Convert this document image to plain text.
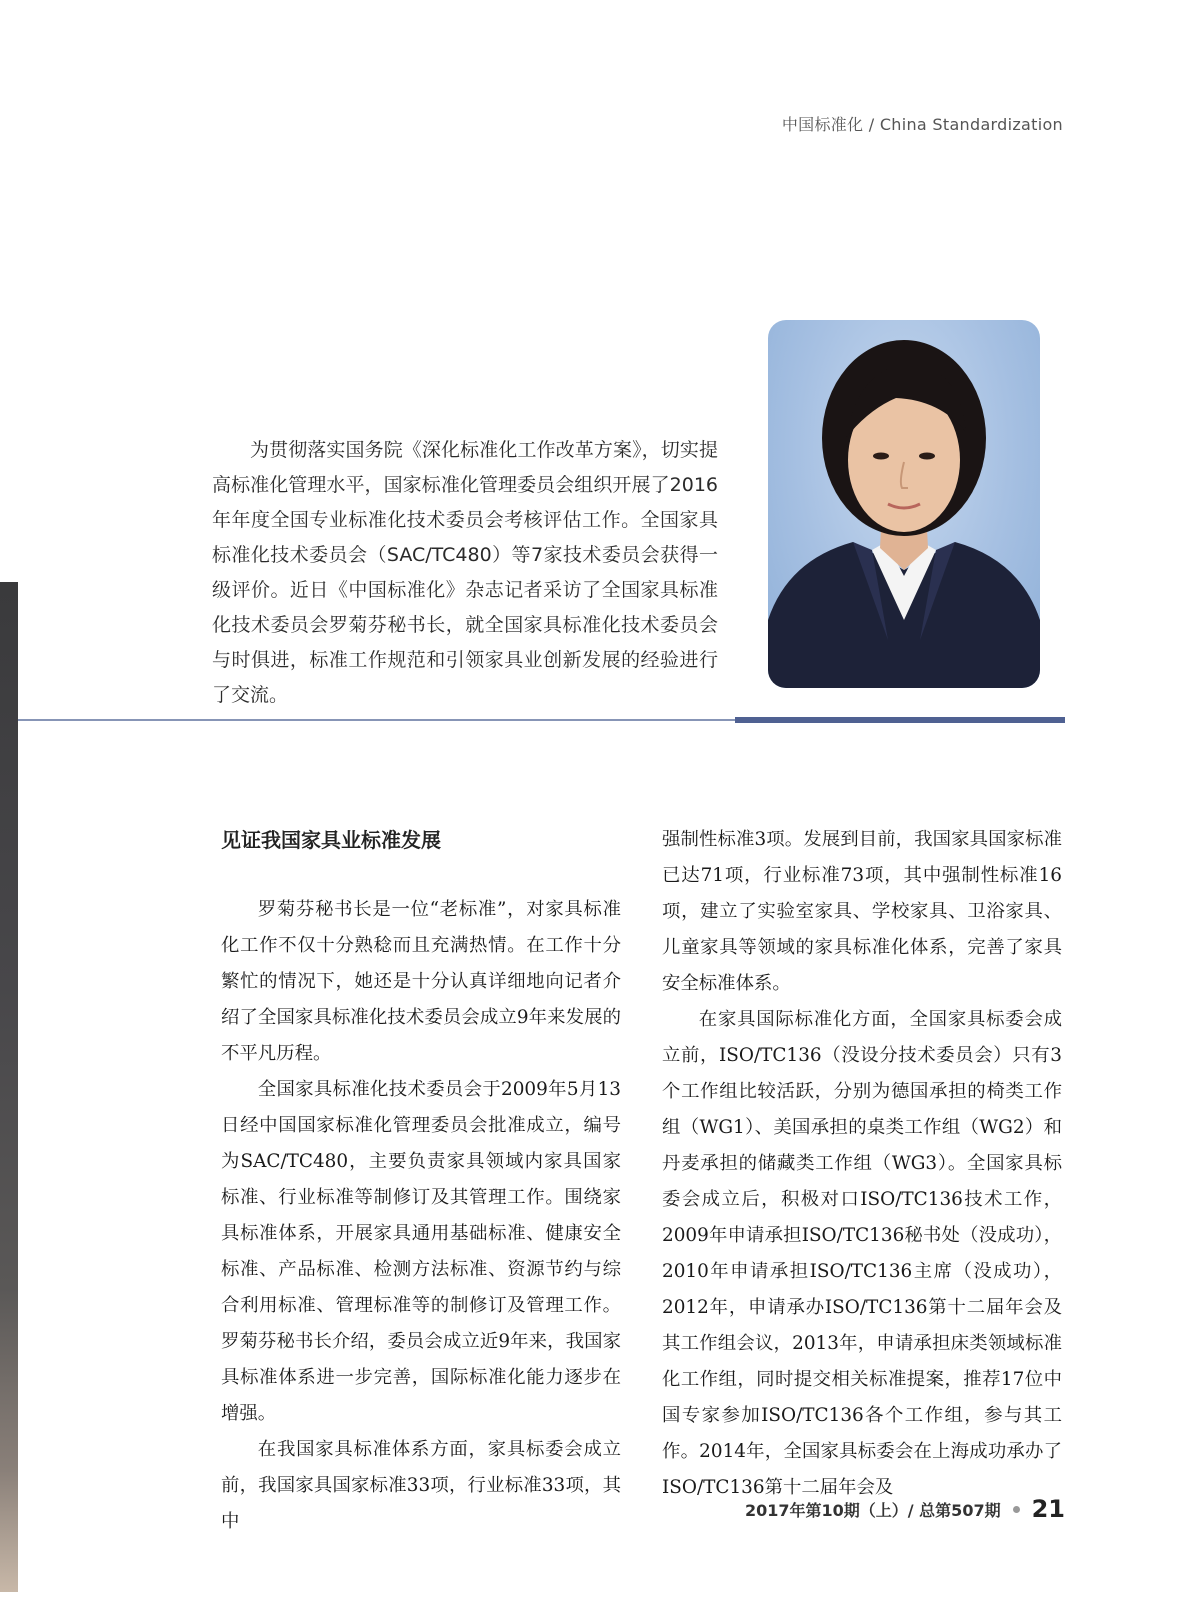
中国标准化 / China Standardization

为贯彻落实国务院《深化标准化工作改革方案》，切实提高标准化管理水平，国家标准化管理委员会组织开展了2016年年度全国专业标准化技术委员会考核评估工作。全国家具标准化技术委员会（SAC/TC480）等7家技术委员会获得一级评价。近日《中国标准化》杂志记者采访了全国家具标准化技术委员会罗菊芬秘书长，就全国家具标准化技术委员会与时俱进，标准工作规范和引领家具业创新发展的经验进行了交流。

见证我国家具业标准发展

罗菊芬秘书长是一位“老标准”，对家具标准化工作不仅十分熟稔而且充满热情。在工作十分繁忙的情况下，她还是十分认真详细地向记者介绍了全国家具标准化技术委员会成立9年来发展的不平凡历程。

全国家具标准化技术委员会于2009年5月13日经中国国家标准化管理委员会批准成立，编号为SAC/TC480，主要负责家具领域内家具国家标准、行业标准等制修订及其管理工作。围绕家具标准体系，开展家具通用基础标准、健康安全标准、产品标准、检测方法标准、资源节约与综合利用标准、管理标准等的制修订及管理工作。罗菊芬秘书长介绍，委员会成立近9年来，我国家具标准体系进一步完善，国际标准化能力逐步在增强。

在我国家具标准体系方面，家具标委会成立前，我国家具国家标准33项，行业标准33项，其中

强制性标准3项。发展到目前，我国家具国家标准已达71项，行业标准73项，其中强制性标准16项，建立了实验室家具、学校家具、卫浴家具、儿童家具等领域的家具标准化体系，完善了家具安全标准体系。

在家具国际标准化方面，全国家具标委会成立前，ISO/TC136（没设分技术委员会）只有3个工作组比较活跃，分别为德国承担的椅类工作组（WG1）、美国承担的桌类工作组（WG2）和丹麦承担的储藏类工作组（WG3）。全国家具标委会成立后，积极对口ISO/TC136技术工作，2009年申请承担ISO/TC136秘书处（没成功），2010年申请承担ISO/TC136主席（没成功），2012年，申请承办ISO/TC136第十二届年会及其工作组会议，2013年，申请承担床类领域标准化工作组，同时提交相关标准提案，推荐17位中国专家参加ISO/TC136各个工作组，参与其工作。2014年，全国家具标委会在上海成功承办了ISO/TC136第十二届年会及

2017年第10期（上）/ 总第507期 21
